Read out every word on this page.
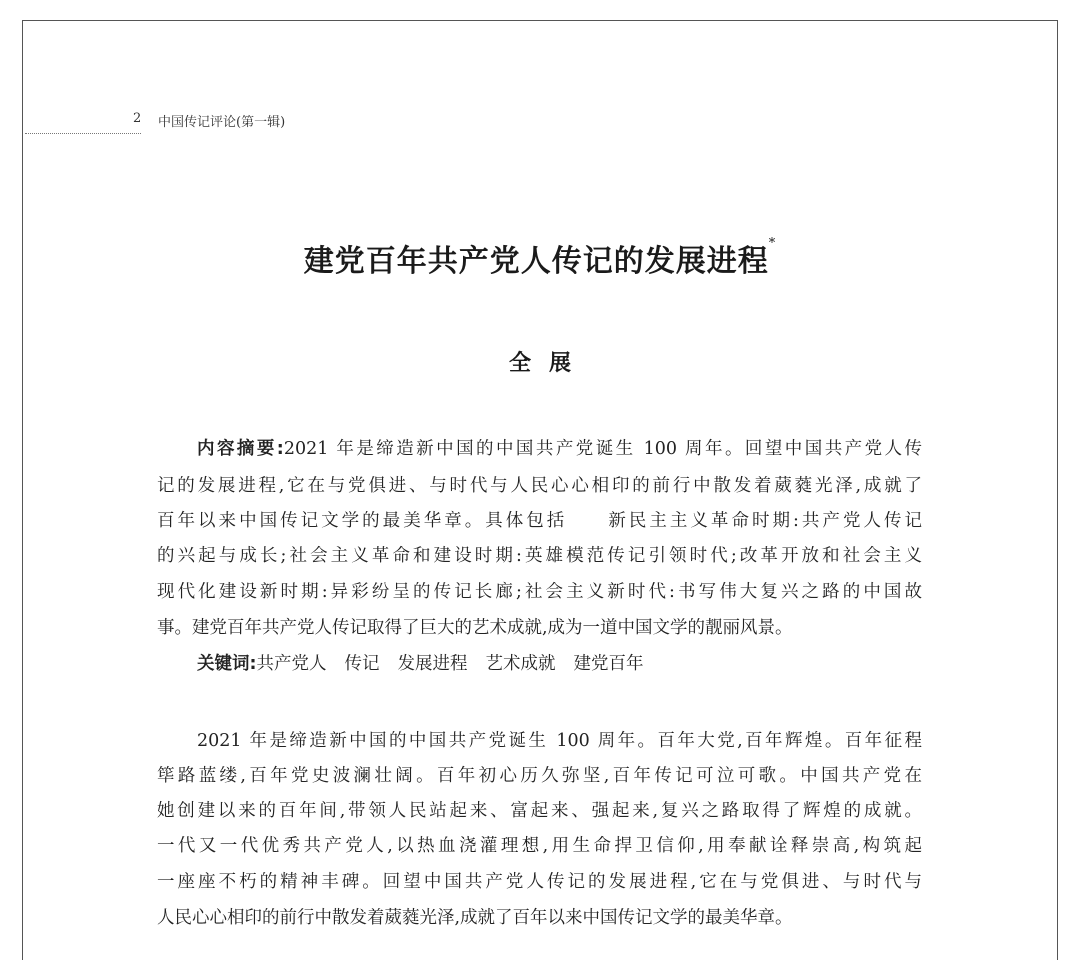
2 中国传记评论(第一辑)
建党百年共产党人传记的发展进程*
全展
内容摘要:2021 年是缔造新中国的中国共产党诞生 100 周年。回望中国共产党人传
记的发展进程,它在与党俱进、与时代与人民心心相印的前行中散发着葳蕤光泽,成就了
百年以来中国传记文学的最美华章。具体包括　　新民主主义革命时期:共产党人传记
的兴起与成长;社会主义革命和建设时期:英雄模范传记引领时代;改革开放和社会主义
现代化建设新时期:异彩纷呈的传记长廊;社会主义新时代:书写伟大复兴之路的中国故
事。建党百年共产党人传记取得了巨大的艺术成就,成为一道中国文学的靓丽风景。
关键词:共产党人 传记 发展进程 艺术成就 建党百年
2021 年是缔造新中国的中国共产党诞生 100 周年。百年大党,百年辉煌。百年征程
筚路蓝缕,百年党史波澜壮阔。百年初心历久弥坚,百年传记可泣可歌。中国共产党在
她创建以来的百年间,带领人民站起来、富起来、强起来,复兴之路取得了辉煌的成就。
一代又一代优秀共产党人,以热血浇灌理想,用生命捍卫信仰,用奉献诠释崇高,构筑起
一座座不朽的精神丰碑。回望中国共产党人传记的发展进程,它在与党俱进、与时代与
人民心心相印的前行中散发着葳蕤光泽,成就了百年以来中国传记文学的最美华章。
